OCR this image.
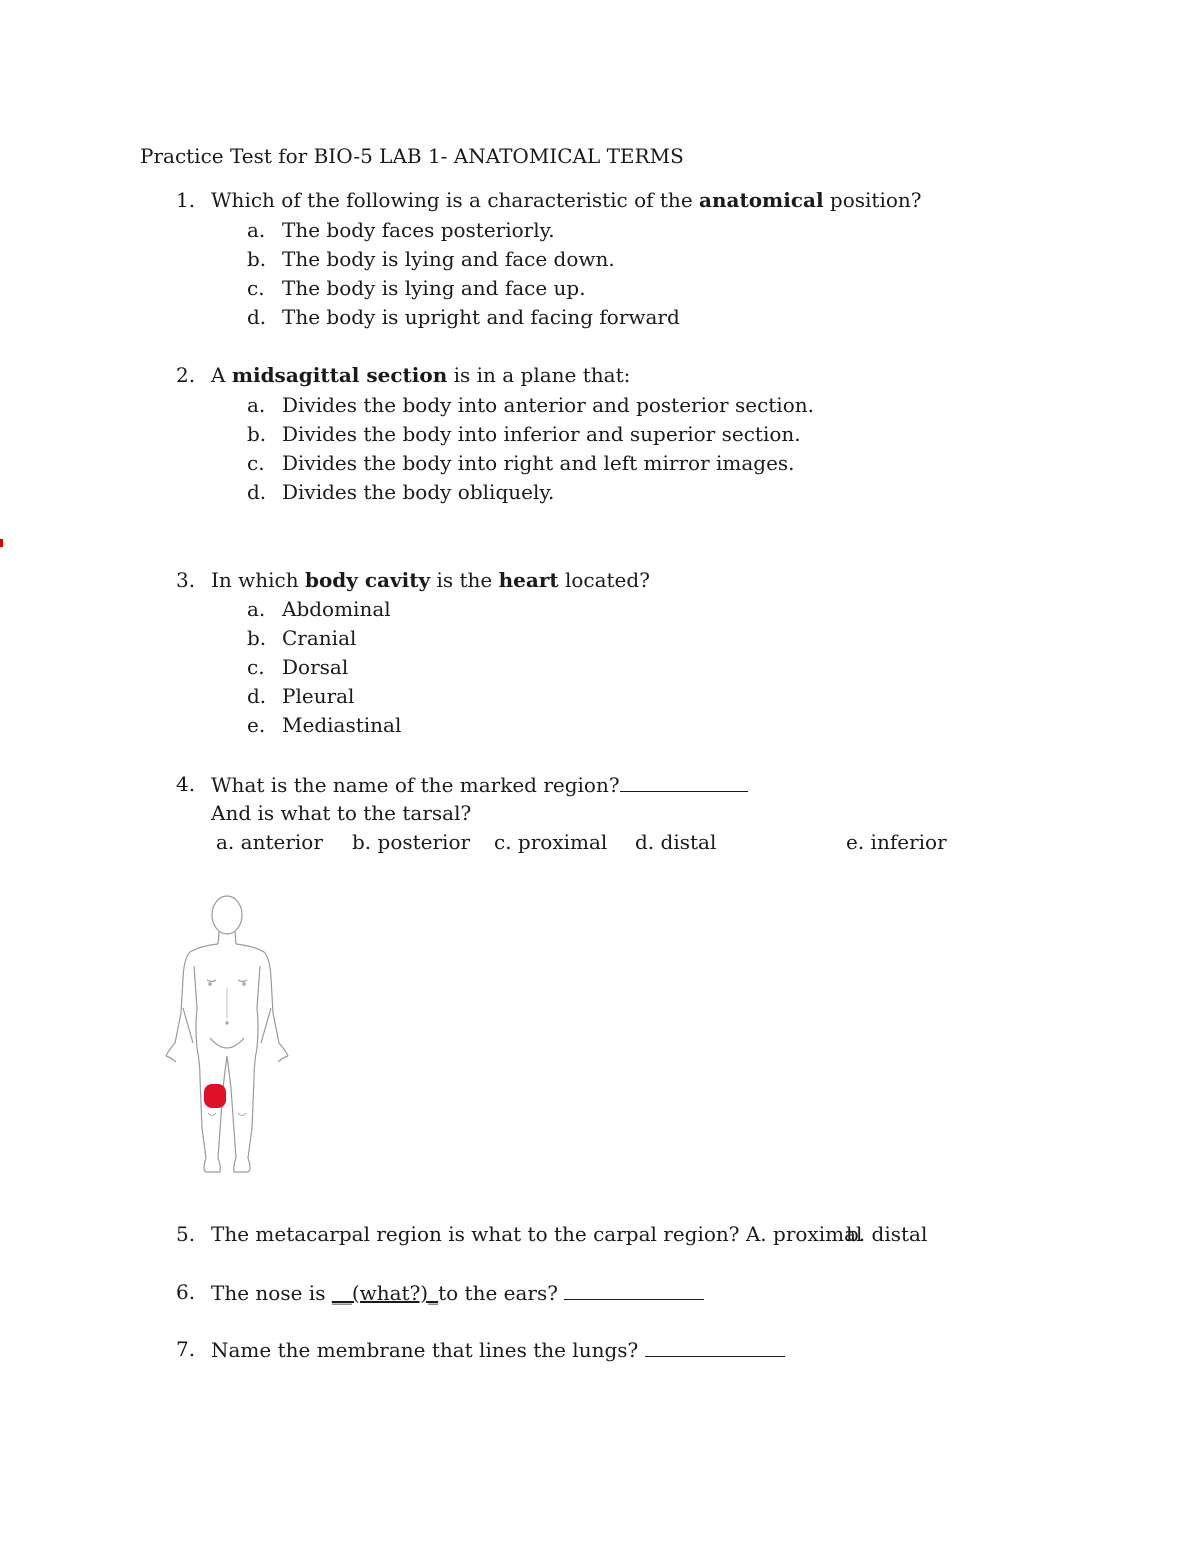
Practice Test for BIO-5 LAB 1- ANATOMICAL TERMS
1. Which of the following is a characteristic of the anatomical position?
a. The body faces posteriorly.
b. The body is lying and face down.
c. The body is lying and face up.
d. The body is upright and facing forward
2. A midsagittal section is in a plane that:
a. Divides the body into anterior and posterior section.
b. Divides the body into inferior and superior section.
c. Divides the body into right and left mirror images.
d. Divides the body obliquely.
3. In which body cavity is the heart located?
a. Abdominal
b. Cranial
c. Dorsal
d. Pleural
e. Mediastinal
4. What is the name of the marked region?
And is what to the tarsal?
a. anterior b. posterior c. proximal d. distal	e. inferior
5. The metacarpal region is what to the carpal region? A. proximal
b. distal
6. The nose is __(what?)_to the ears?
7. Name the membrane that lines the lungs?
